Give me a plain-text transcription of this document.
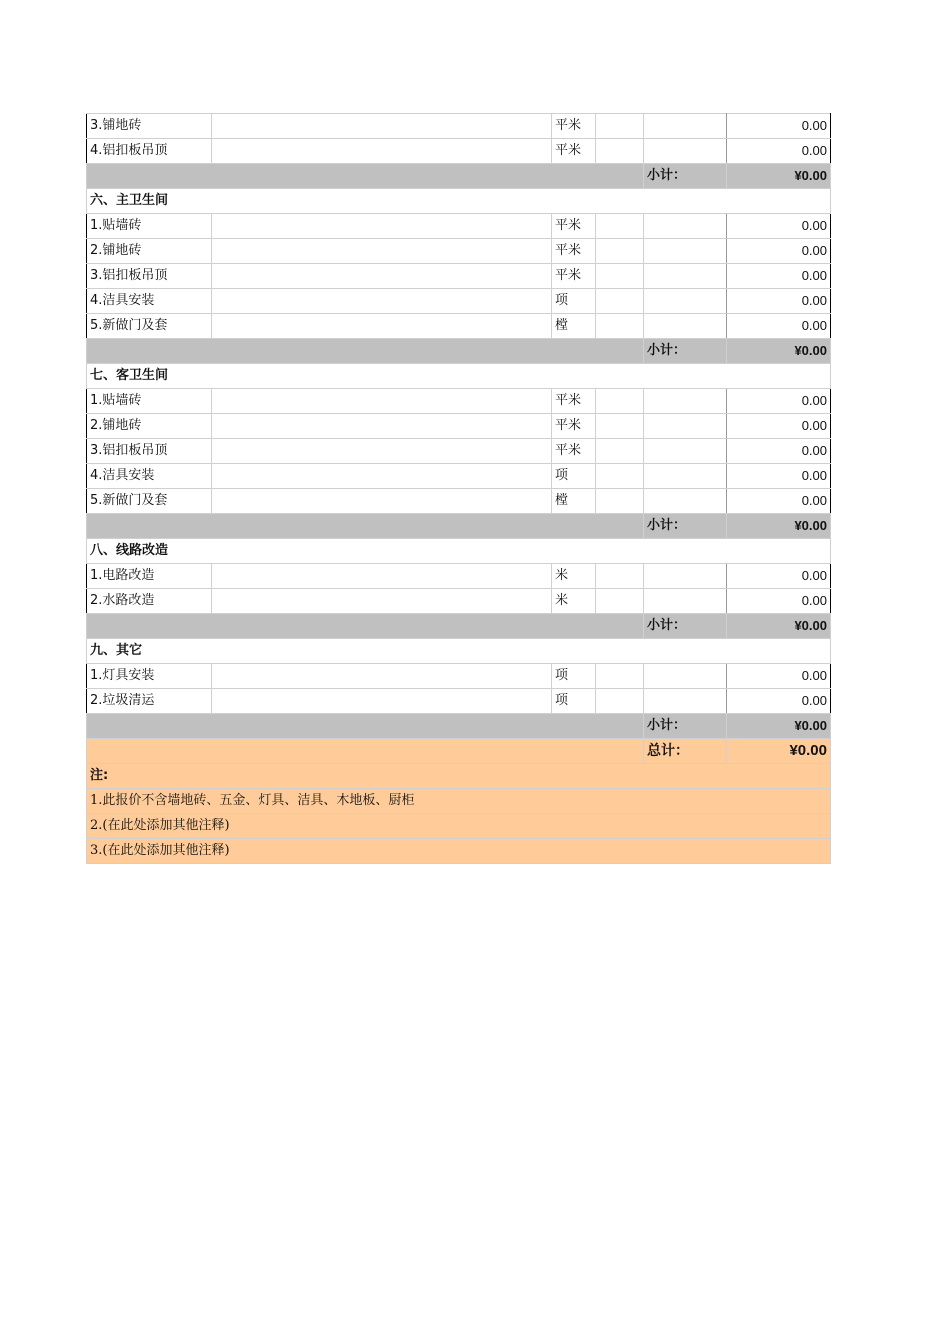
3.铺地砖		平米			0.00
4.铝扣板吊顶		平米			0.00
				小计：	¥0.00
六、主卫生间					
1.贴墙砖		平米			0.00
2.铺地砖		平米			0.00
3.铝扣板吊顶		平米			0.00
4.洁具安装		项			0.00
5.新做门及套		樘			0.00
				小计：	¥0.00
七、客卫生间					
1.贴墙砖		平米			0.00
2.铺地砖		平米			0.00
3.铝扣板吊顶		平米			0.00
4.洁具安装		项			0.00
5.新做门及套		樘			0.00
				小计：	¥0.00
八、线路改造					
1.电路改造		米			0.00
2.水路改造		米			0.00
				小计：	¥0.00
九、其它					
1.灯具安装		项			0.00
2.垃圾清运		项			0.00
				小计：	¥0.00
				总计：	¥0.00
注:					
1.此报价不含墙地砖、五金、灯具、洁具、木地板、厨柜					
2.(在此处添加其他注释)					
3.(在此处添加其他注释)					
